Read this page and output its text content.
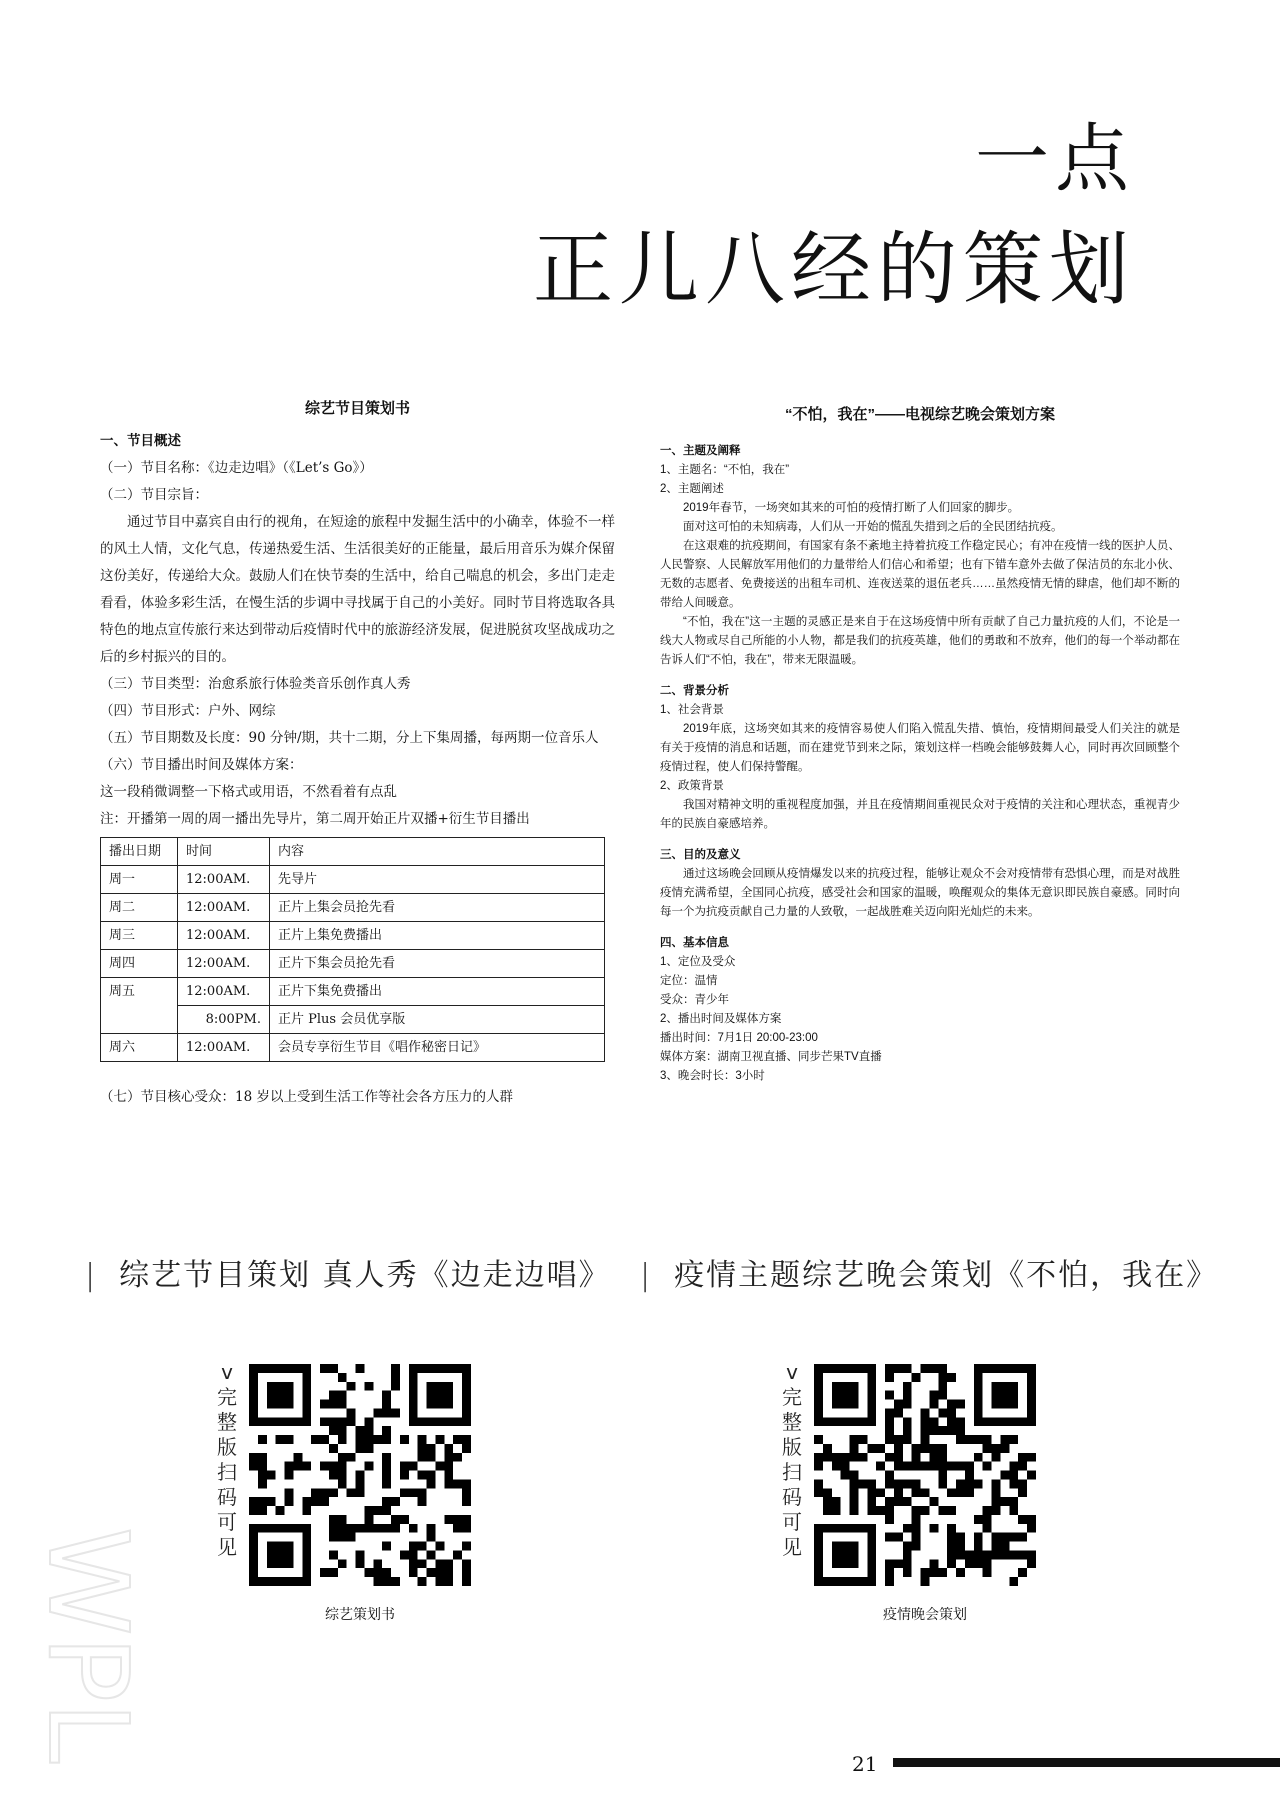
一点
正儿八经的策划
综艺节目策划书
一、节目概述
（一）节目名称：《边走边唱》（《Let’s Go》）
（二）节目宗旨：
通过节目中嘉宾自由行的视角，在短途的旅程中发掘生活中的小确幸，体验不一样的风土人情，文化气息，传递热爱生活、生活很美好的正能量，最后用音乐为媒介保留这份美好，传递给大众。鼓励人们在快节奏的生活中，给自己喘息的机会，多出门走走看看，体验多彩生活，在慢生活的步调中寻找属于自己的小美好。同时节目将选取各具特色的地点宣传旅行来达到带动后疫情时代中的旅游经济发展，促进脱贫攻坚战成功之后的乡村振兴的目的。
（三）节目类型：治愈系旅行体验类音乐创作真人秀
（四）节目形式：户外、网综
（五）节目期数及长度：90 分钟/期，共十二期，分上下集周播，每两期一位音乐人
（六）节目播出时间及媒体方案：
这一段稍微调整一下格式或用语，不然看着有点乱
注：开播第一周的周一播出先导片，第二周开始正片双播+衍生节目播出
播出日期	时间	内容
周一	12:00AM.	先导片
周二	12:00AM.	正片上集会员抢先看
周三	12:00AM.	正片上集免费播出
周四	12:00AM.	正片下集会员抢先看
周五	12:00AM.	正片下集免费播出
	8:00PM.	正片 Plus 会员优享版
周六	12:00AM.	会员专享衍生节目《唱作秘密日记》
（七）节目核心受众：18 岁以上受到生活工作等社会各方压力的人群
“不怕，我在”——电视综艺晚会策划方案
一、主题及阐释
1、主题名：“不怕，我在”
2、主题阐述
2019年春节，一场突如其来的可怕的疫情打断了人们回家的脚步。
面对这可怕的未知病毒，人们从一开始的慌乱失措到之后的全民团结抗疫。
在这艰难的抗疫期间，有国家有条不紊地主持着抗疫工作稳定民心；有冲在疫情一线的医护人员、人民警察、人民解放军用他们的力量带给人们信心和希望；也有下错车意外去做了保洁员的东北小伙、无数的志愿者、免费接送的出租车司机、连夜送菜的退伍老兵……虽然疫情无情的肆虐，他们却不断的带给人间暖意。
“不怕，我在”这一主题的灵感正是来自于在这场疫情中所有贡献了自己力量抗疫的人们，不论是一线大人物或尽自己所能的小人物，都是我们的抗疫英雄，他们的勇敢和不放弃，他们的每一个举动都在告诉人们“不怕，我在”，带来无限温暖。
二、背景分析
1、社会背景
2019年底，这场突如其来的疫情容易使人们陷入慌乱失措、慎怡，疫情期间最受人们关注的就是有关于疫情的消息和话题，而在建党节到来之际，策划这样一档晚会能够鼓舞人心，同时再次回顾整个疫情过程，使人们保持警醒。
2、政策背景
我国对精神文明的重视程度加强，并且在疫情期间重视民众对于疫情的关注和心理状态，重视青少年的民族自豪感培养。
三、目的及意义
通过这场晚会回顾从疫情爆发以来的抗疫过程，能够让观众不会对疫情带有恐惧心理，而是对战胜疫情充满希望，全国同心抗疫，感受社会和国家的温暖，唤醒观众的集体无意识即民族自豪感。同时向每一个为抗疫贡献自己力量的人致敬，一起战胜难关迈向阳光灿烂的未来。
四、基本信息
1、定位及受众
定位：温情
受众：青少年
2、播出时间及媒体方案
播出时间：7月1日 20:00-23:00
媒体方案：湖南卫视直播、同步芒果TV直播
3、晚会时长：3小时
| 综艺节目策划 真人秀《边走边唱》 | 疫情主题综艺晚会策划《不怕，我在》
v完整版扫码可见
综艺策划书
v完整版扫码可见
疫情晚会策划
WPL
21
